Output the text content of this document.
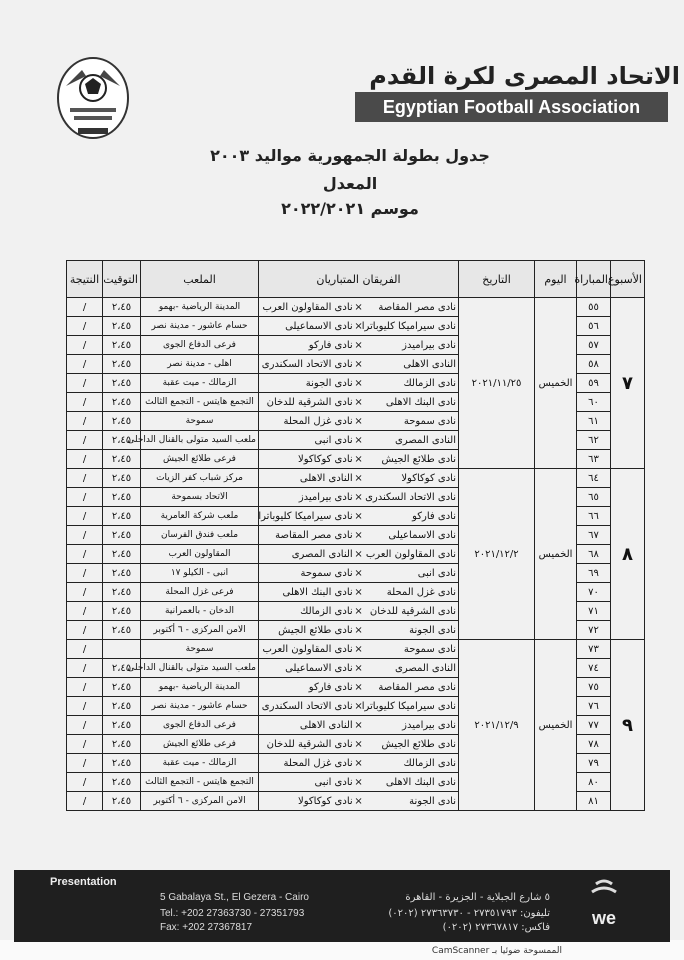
الاتحاد المصرى لكرة القدم
Egyptian Football Association
جدول بطولة الجمهورية مواليد ٢٠٠٣
المعدل
موسم ٢٠٢٢/٢٠٢١
الأسبوع	المباراة	اليوم	التاريخ	الفريقان المتباريان	الملعب	التوقيت	النتيجة
٧	٥٥	الخميس	٢٠٢١/١١/٢٥	نادى مصر المقاصة×نادى المقاولون العرب	المدينة الرياضية -بهمو	٢،٤٥	/
	٥٦			نادى سيراميكا كليوباترا×نادى الاسماعيلى	حسام عاشور - مدينة نصر	٢،٤٥	/
	٥٧			نادى بيراميدز×نادى فاركو	فرعى الدفاع الجوى	٢،٤٥	/
	٥٨			النادى الاهلى×نادى الاتحاد السكندرى	اهلى - مدينة نصر	٢،٤٥	/
	٥٩			نادى الزمالك×نادى الجونة	الزمالك - ميت عقبة	٢،٤٥	/
	٦٠			نادى البنك الاهلى×نادى الشرقية للدخان	التجمع هايتس - التجمع الثالث	٢،٤٥	/
	٦١			نادى سموحة×نادى غزل المحلة	سموحة	٢،٤٥	/
	٦٢			النادى المصرى×نادى انبى	ملعب السيد متولى بالقنال الداخلى	٢،٤٥	/
	٦٣			نادى طلائع الجيش×نادى كوكاكولا	فرعى طلائع الجيش	٢،٤٥	/
٨	٦٤	الخميس	٢٠٢١/١٢/٢	نادى كوكاكولا×النادى الاهلى	مركز شباب كفر الزيات	٢،٤٥	/
	٦٥			نادى الاتحاد السكندرى×نادى بيراميدز	الاتحاد بسموحة	٢،٤٥	/
	٦٦			نادى فاركو×نادى سيراميكا كليوباترا	ملعب شركة العامرية	٢،٤٥	/
	٦٧			نادى الاسماعيلى×نادى مصر المقاصة	ملعب فندق الفرسان	٢،٤٥	/
	٦٨			نادى المقاولون العرب×النادى المصرى	المقاولون العرب	٢،٤٥	/
	٦٩			نادى انبى×نادى سموحة	انبى - الكيلو ١٧	٢،٤٥	/
	٧٠			نادى غزل المحلة×نادى البنك الاهلى	فرعى غزل المحلة	٢،٤٥	/
	٧١			نادى الشرقية للدخان×نادى الزمالك	الدخان - بالعمرانية	٢،٤٥	/
	٧٢			نادى الجونة×نادى طلائع الجيش	الامن المركزى - ٦ أكتوبر	٢،٤٥	/
٩	٧٣	الخميس	٢٠٢١/١٢/٩	نادى سموحة×نادى المقاولون العرب	سموحة		/
	٧٤			النادى المصرى×نادى الاسماعيلى	ملعب السيد متولى بالقنال الداخلى	٢،٤٥	/
	٧٥			نادى مصر المقاصة×نادى فاركو	المدينة الرياضية -بهمو	٢،٤٥	/
	٧٦			نادى سيراميكا كليوباترا×نادى الاتحاد السكندرى	حسام عاشور - مدينة نصر	٢،٤٥	/
	٧٧			نادى بيراميدز×النادى الاهلى	فرعى الدفاع الجوى	٢،٤٥	/
	٧٨			نادى طلائع الجيش×نادى الشرقية للدخان	فرعى طلائع الجيش	٢،٤٥	/
	٧٩			نادى الزمالك×نادى غزل المحلة	الزمالك - ميت عقبة	٢،٤٥	/
	٨٠			نادى البنك الاهلى×نادى انبى	التجمع هايتس - التجمع الثالث	٢،٤٥	/
	٨١			نادى الجونة×نادى كوكاكولا	الامن المركزى - ٦ أكتوبر	٢،٤٥	/
Presentation
5 Gabalaya St., El Gezera - Cairo
Tel.: +202 27363730 - 27351793
Fax: +202 27367817
٥ شارع الجبلاية - الجزيرة - القاهرة
تليفون: ٢٧٣٥١٧٩٣ - ٢٧٣٦٣٧٣٠ (٠٢٠٢)
فاكس: ٢٧٣٦٧٨١٧ (٠٢٠٢) we
الممسوحة ضوئيا بـ CamScanner
